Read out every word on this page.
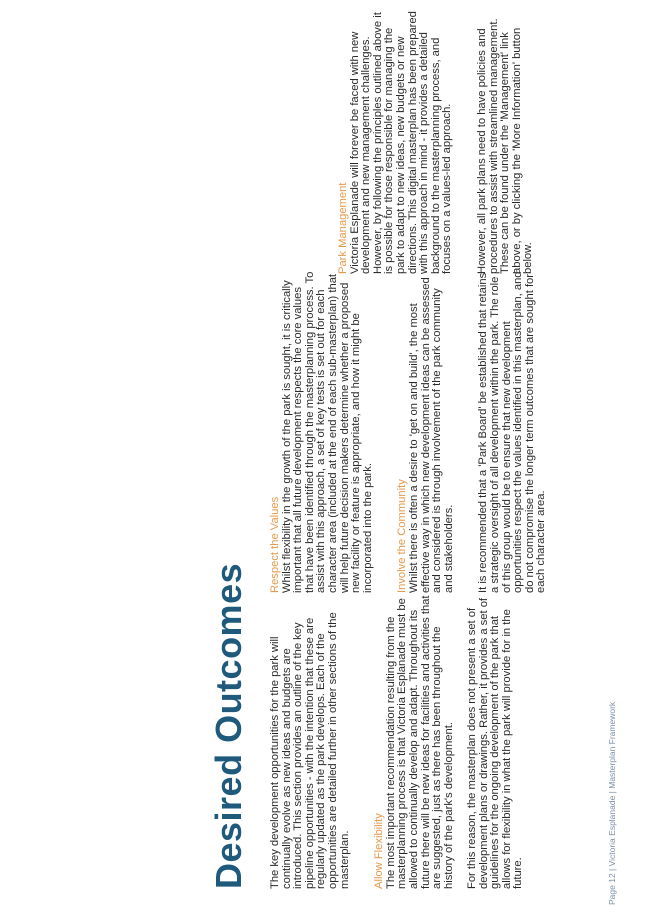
Desired Outcomes The key development opportunities for the park will continually evolve as new ideas and budgets are introduced. This section provides an outline of the key pipeline opportunities - with the intention that these are regularly updated as the park develops. Each of the opportunities are detailed further in other sections of the masterplan. Allow Flexibility The most important recommendation resulting from the masterplanning process is that Victoria Esplanade must be allowed to continually develop and adapt. Throughout its future there will be new ideas for facilities and activities that are suggested, just as there has been throughout the history of the park's development. For this reason, the masterplan does not present a set of development plans or drawings. Rather, it provides a set of guidelines for the ongoing development of the park that allows for flexibility in what the park will provide for in the future.

Respect the Values Whilst flexibility in the growth of the park is sought, it is critically important that all future development respects the core values that have been identified through the masterplanning process. To assist with this approach, a set of key tests is set out for each character area (included at the end of each sub-masterplan) that will help future decision makers determine whether a proposed new facility or feature is appropriate, and how it might be incorporated into the park. Involve the Community Whilst there is often a desire to 'get on and build', the most effective way in which new development ideas can be assessed and considered is through involvement of the park community and stakeholders. It is recommended that a 'Park Board' be established that retains a strategic oversight of all development within the park. The role of this group would be to ensure that new development opportunities respect the values identified in this masterplan, and do not compromise the longer term outcomes that are sought for each character area.

Park Management Victoria Esplanade will forever be faced with new development and new management challenges. However, by following the principles outlined above it is possible for those responsible for managing the park to adapt to new ideas, new budgets or new directions. This digital masterplan has been prepared with this approach in mind - it provides a detailed background to the masterplanning process, and focuses on a values-led approach. However, all park plans need to have policies and procedures to assist with streamlined management. These can be found under the 'Management' link above, or by clicking the 'More Information' button below.

Page 12 | Victoria Esplanade | Masterplan Framework
